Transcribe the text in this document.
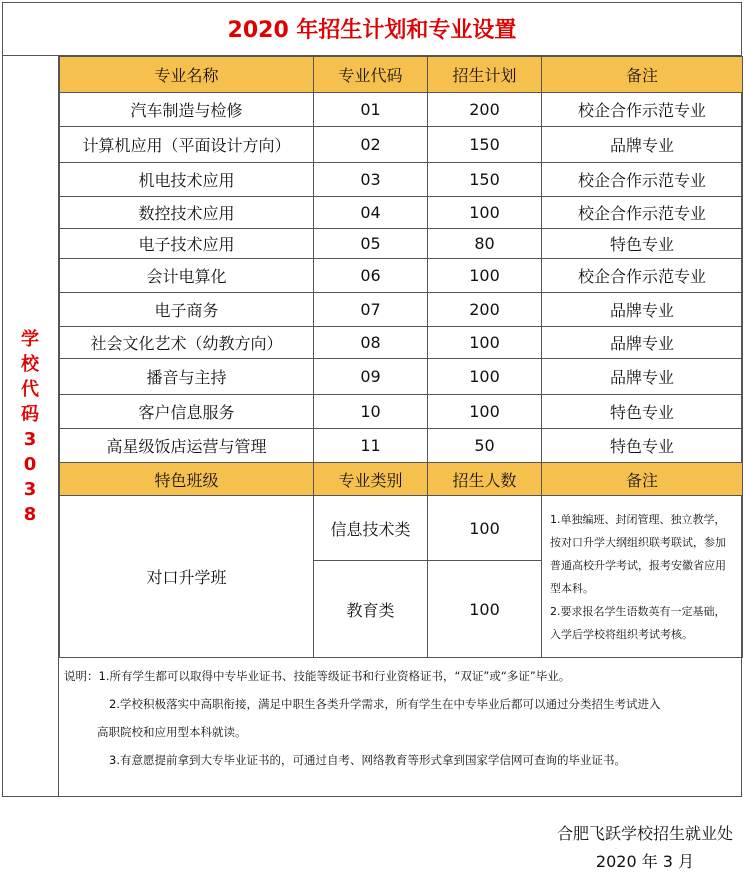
2020 年招生计划和专业设置
学
校
代
码
3
0
3
8
专业名称	专业代码	招生计划	备注
汽车制造与检修	01	200	校企合作示范专业
计算机应用（平面设计方向）	02	150	品牌专业
机电技术应用	03	150	校企合作示范专业
数控技术应用	04	100	校企合作示范专业
电子技术应用	05	80	特色专业
会计电算化	06	100	校企合作示范专业
电子商务	07	200	品牌专业
社会文化艺术（幼教方向）	08	100	品牌专业
播音与主持	09	100	品牌专业
客户信息服务	10	100	特色专业
高星级饭店运营与管理	11	50	特色专业
特色班级	专业类别	招生人数	备注
对口升学班	信息技术类	100	1.单独编班、封闭管理、独立教学，按对口升学大纲组织联考联试，参加普通高校升学考试，报考安徽省应用型本科。
2.要求报名学生语数英有一定基础，入学后学校将组织考试考核。

	教育类	100	
说明：1.所有学生都可以取得中专毕业证书、技能等级证书和行业资格证书，“双证”或“多证”毕业。
2.学校积极落实中高职衔接，满足中职生各类升学需求，所有学生在中专毕业后都可以通过分类招生考试进入
高职院校和应用型本科就读。
3.有意愿提前拿到大专毕业证书的，可通过自考、网络教育等形式拿到国家学信网可查询的毕业证书。
合肥飞跃学校招生就业处
2020 年 3 月
